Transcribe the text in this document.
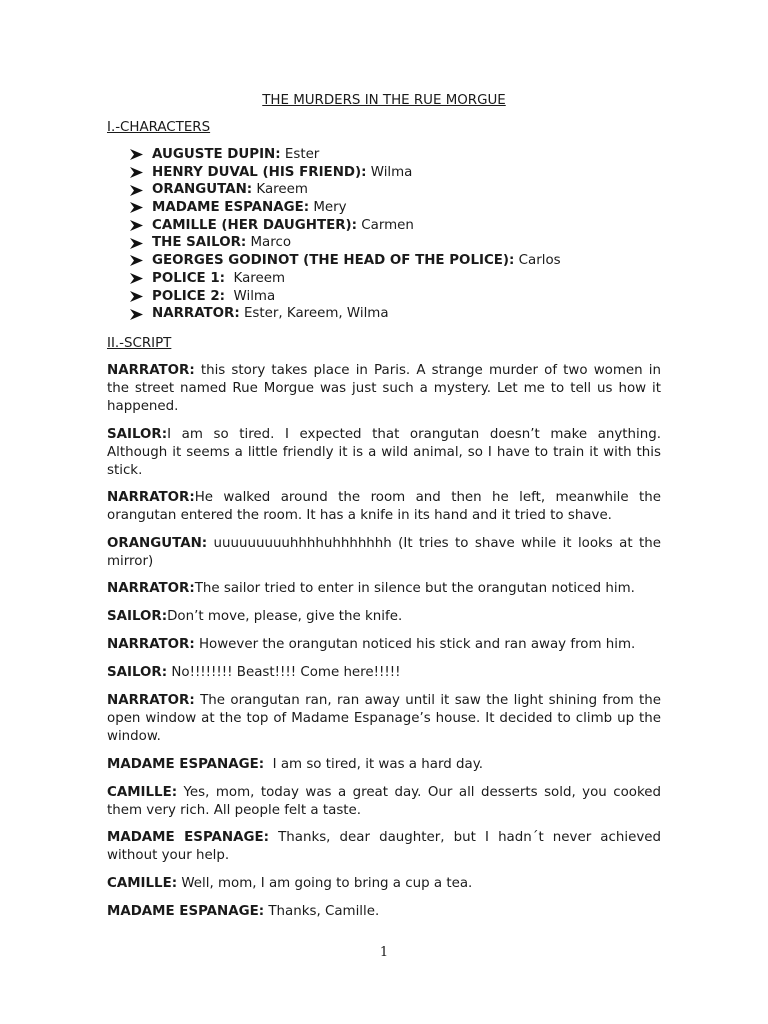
THE MURDERS IN THE RUE MORGUE
I.-CHARACTERS
AUGUSTE DUPIN: Ester
HENRY DUVAL (HIS FRIEND): Wilma
ORANGUTAN: Kareem
MADAME ESPANAGE: Mery
CAMILLE (HER DAUGHTER): Carmen
THE SAILOR: Marco
GEORGES GODINOT (THE HEAD OF THE POLICE): Carlos
POLICE 1: Kareem
POLICE 2: Wilma
NARRATOR: Ester, Kareem, Wilma
II.-SCRIPT

NARRATOR: this story takes place in Paris. A strange murder of two women in the street named Rue Morgue was just such a mystery. Let me to tell us how it happened.

SAILOR:I am so tired. I expected that orangutan doesn’t make anything. Although it seems a little friendly it is a wild animal, so I have to train it with this stick.

NARRATOR:He walked around the room and then he left, meanwhile the orangutan entered the room. It has a knife in its hand and it tried to shave.

ORANGUTAN: uuuuuuuuuhhhhuhhhhhhh (It tries to shave while it looks at the mirror)

NARRATOR:The sailor tried to enter in silence but the orangutan noticed him.

SAILOR:Don’t move, please, give the knife.

NARRATOR: However the orangutan noticed his stick and ran away from him.

SAILOR: No!!!!!!!! Beast!!!! Come here!!!!!

NARRATOR: The orangutan ran, ran away until it saw the light shining from the open window at the top of Madame Espanage’s house. It decided to climb up the window.

MADAME ESPANAGE:  I am so tired, it was a hard day.

CAMILLE: Yes, mom, today was a great day. Our all desserts sold, you cooked them very rich. All people felt a taste.

MADAME ESPANAGE: Thanks, dear daughter, but I hadn´t never achieved without your help.

CAMILLE: Well, mom, I am going to bring a cup a tea.

MADAME ESPANAGE: Thanks, Camille.

1
